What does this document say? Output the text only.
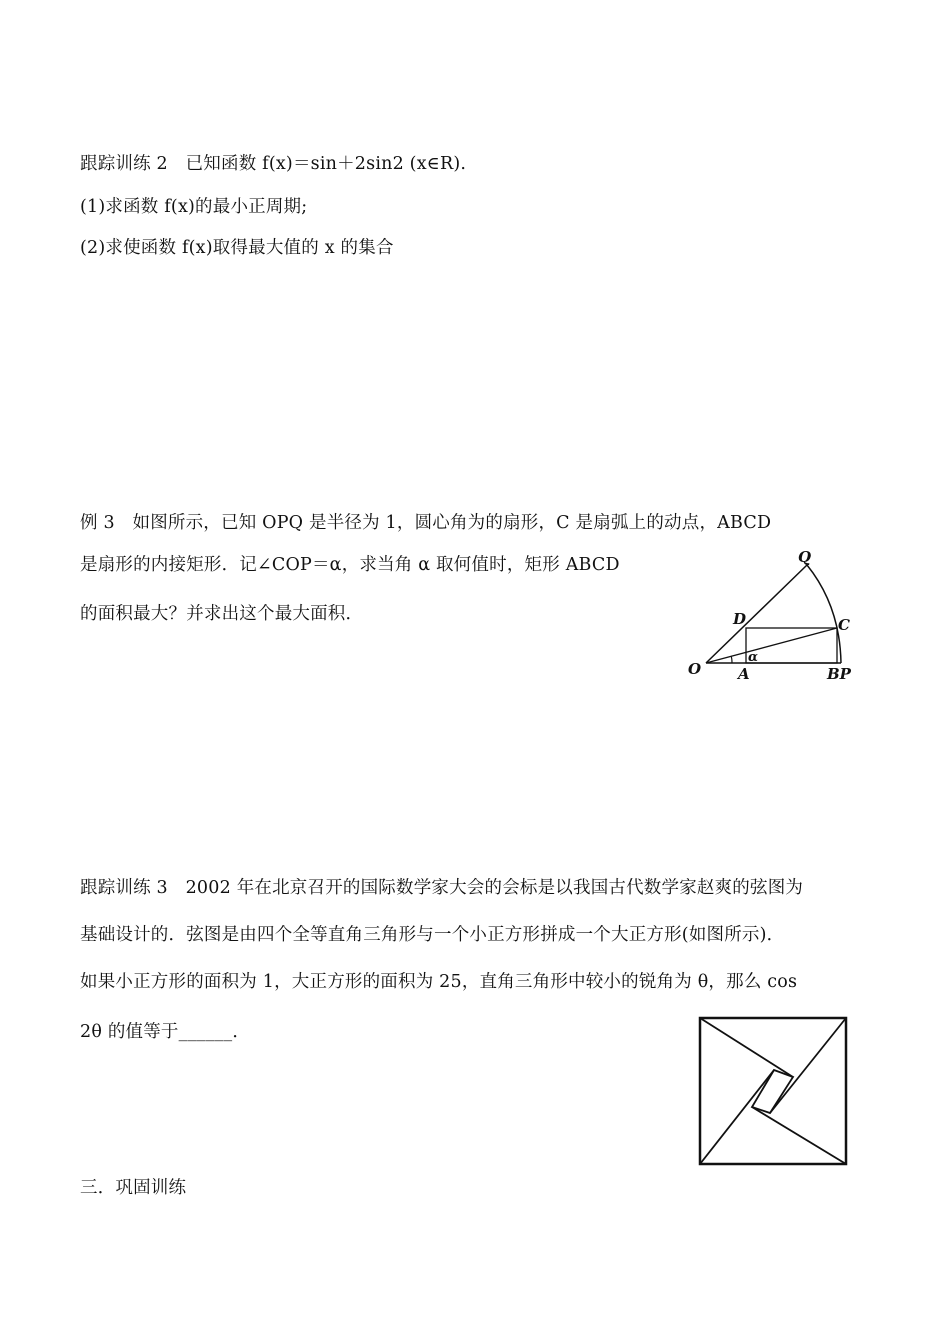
跟踪训练 2　已知函数 f(x)＝sin＋2sin2 (x∈R).
(1)求函数 f(x)的最小正周期;
(2)求使函数 f(x)取得最大值的 x 的集合
例 3　如图所示，已知 OPQ 是半径为 1，圆心角为的扇形，C 是扇弧上的动点，ABCD
是扇形的内接矩形．记∠COP＝α，求当角 α 取何值时，矩形 ABCD
的面积最大？并求出这个最大面积．
Q
D	C
O
α
A	BP
跟踪训练 3　2002 年在北京召开的国际数学家大会的会标是以我国古代数学家赵爽的弦图为
基础设计的．弦图是由四个全等直角三角形与一个小正方形拼成一个大正方形(如图所示)．
如果小正方形的面积为 1，大正方形的面积为 25，直角三角形中较小的锐角为 θ，那么 cos
2θ 的值等于______．
三．巩固训练
